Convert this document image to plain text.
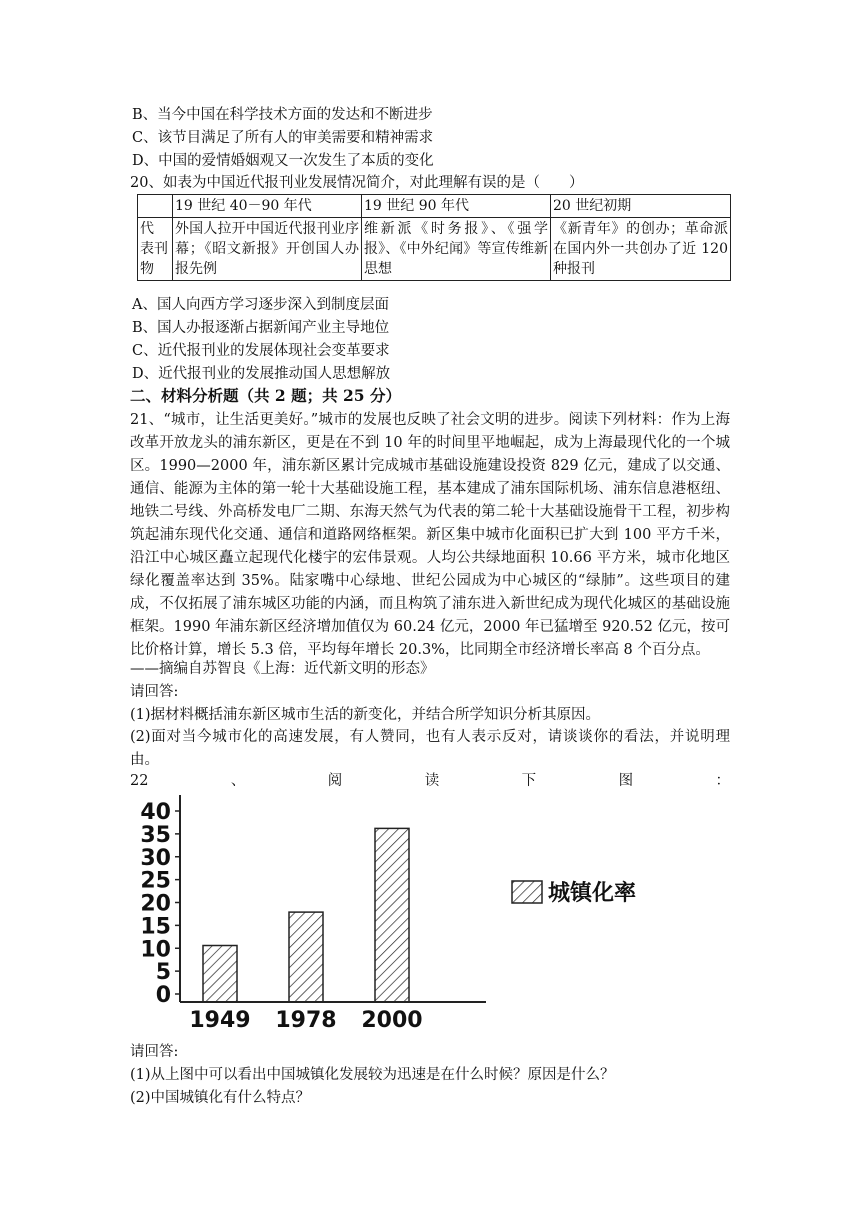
B、当今中国在科学技术方面的发达和不断进步
C、该节目满足了所有人的审美需要和精神需求
D、中国的爱情婚姻观又一次发生了本质的变化
20、如表为中国近代报刊业发展情况简介，对此理解有误的是（　　）
	19 世纪 40－90 年代	19 世纪 90 年代	20 世纪初期
代 表刊物	外国人拉开中国近代报刊业序幕；《昭文新报》开创国人办报先例	维新派《时务报》、《强学报》、《中外纪闻》等宣传维新思想	《新青年》的创办；革命派在国内外一共创办了近 120 种报刊
A、国人向西方学习逐步深入到制度层面
B、国人办报逐渐占据新闻产业主导地位
C、近代报刊业的发展体现社会变革要求
D、近代报刊业的发展推动国人思想解放
二、材料分析题（共 2 题；共 25 分）
21、“城市，让生活更美好。”城市的发展也反映了社会文明的进步。阅读下列材料：作为上海改革开放龙头的浦东新区，更是在不到 10 年的时间里平地崛起，成为上海最现代化的一个城区。1990—2000 年，浦东新区累计完成城市基础设施建设投资 829 亿元，建成了以交通、通信、能源为主体的第一轮十大基础设施工程，基本建成了浦东国际机场、浦东信息港枢纽、地铁二号线、外高桥发电厂二期、东海天然气为代表的第二轮十大基础设施骨干工程，初步构筑起浦东现代化交通、通信和道路网络框架。新区集中城市化面积已扩大到 100 平方千米，沿江中心城区矗立起现代化楼宇的宏伟景观。人均公共绿地面积 10.66 平方米，城市化地区绿化覆盖率达到 35%。陆家嘴中心绿地、世纪公园成为中心城区的“绿肺”。这些项目的建成，不仅拓展了浦东城区功能的内涵，而且构筑了浦东进入新世纪成为现代化城区的基础设施框架。1990 年浦东新区经济增加值仅为 60.24 亿元，2000 年已猛增至 920.52 亿元，按可比价格计算，增长 5.3 倍，平均每年增长 20.3%，比同期全市经济增长率高 8 个百分点。
——摘编自苏智良《上海：近代新文明的形态》
请回答:
(1)据材料概括浦东新区城市生活的新变化，并结合所学知识分析其原因。
(2)面对当今城市化的高速发展，有人赞同，也有人表示反对，请谈谈你的看法，并说明理由。
22	、	阅	读	下	图	：
40
35
30
25
20
15
10
5
0
1949 1978 2000
城镇化率
请回答:
(1)从上图中可以看出中国城镇化发展较为迅速是在什么时候？原因是什么？
(2)中国城镇化有什么特点？
